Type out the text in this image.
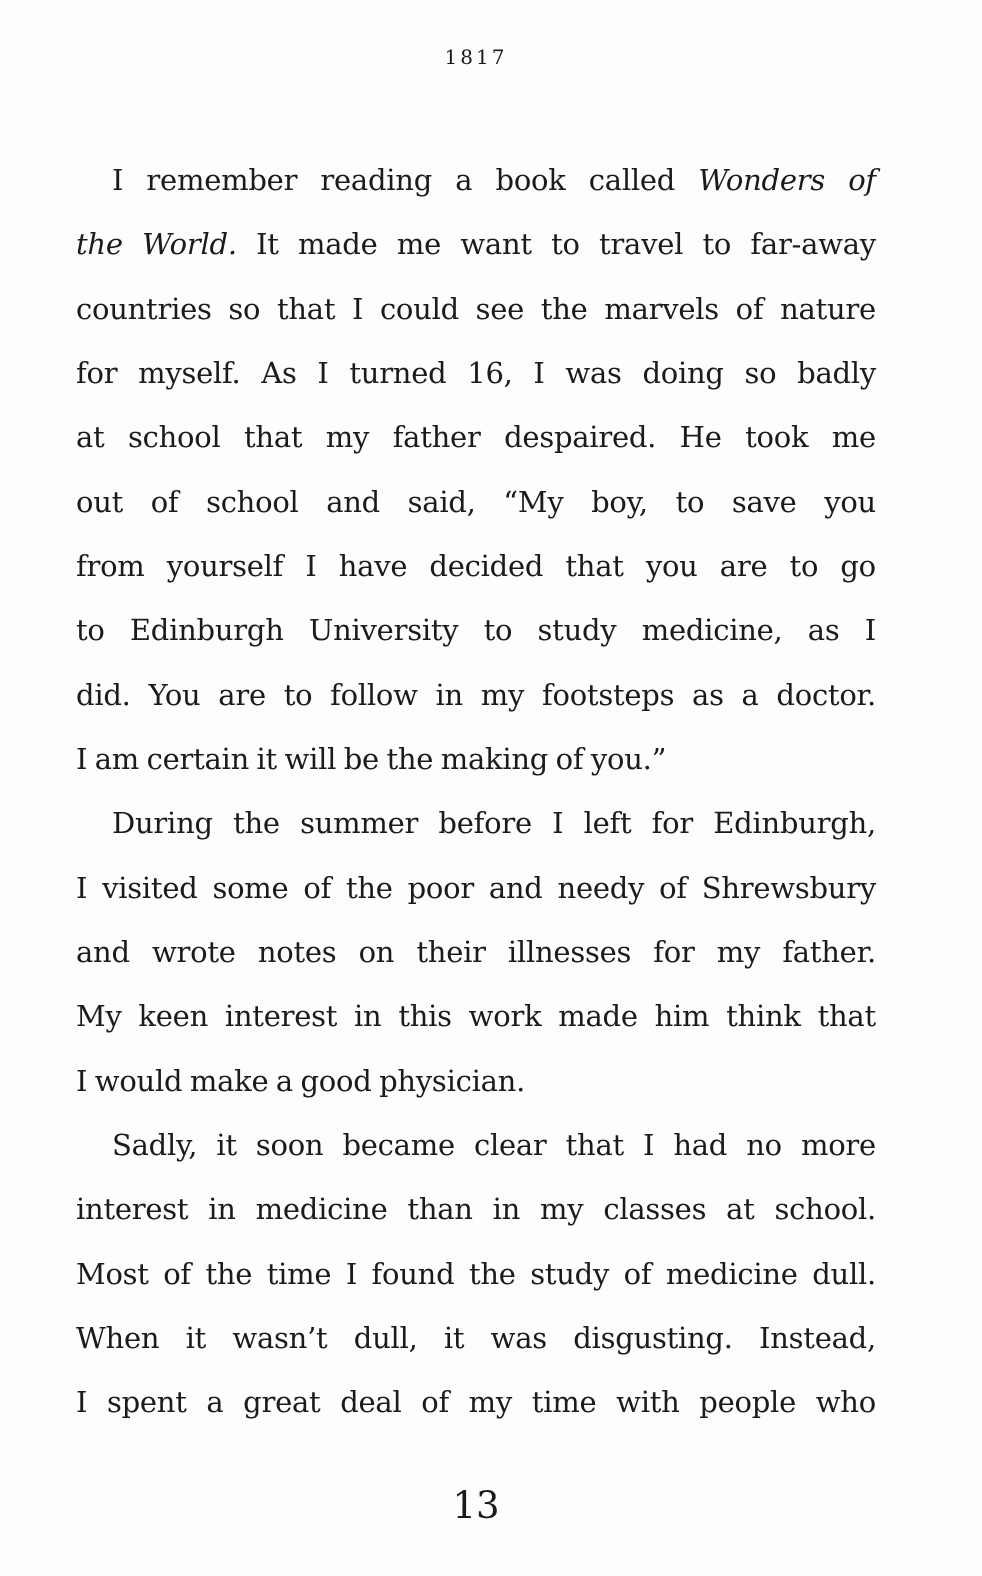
1817
I remember reading a book called Wonders of
the World. It made me want to travel to far-away
countries so that I could see the marvels of nature
for myself. As I turned 16, I was doing so badly
at school that my father despaired. He took me
out of school and said, “My boy, to save you
from yourself I have decided that you are to go
to Edinburgh University to study medicine, as I
did. You are to follow in my footsteps as a doctor.
I am certain it will be the making of you.”
During the summer before I left for Edinburgh,
I visited some of the poor and needy of Shrewsbury
and wrote notes on their illnesses for my father.
My keen interest in this work made him think that
I would make a good physician.
Sadly, it soon became clear that I had no more
interest in medicine than in my classes at school.
Most of the time I found the study of medicine dull.
When it wasn’t dull, it was disgusting. Instead,
I spent a great deal of my time with people who
13
